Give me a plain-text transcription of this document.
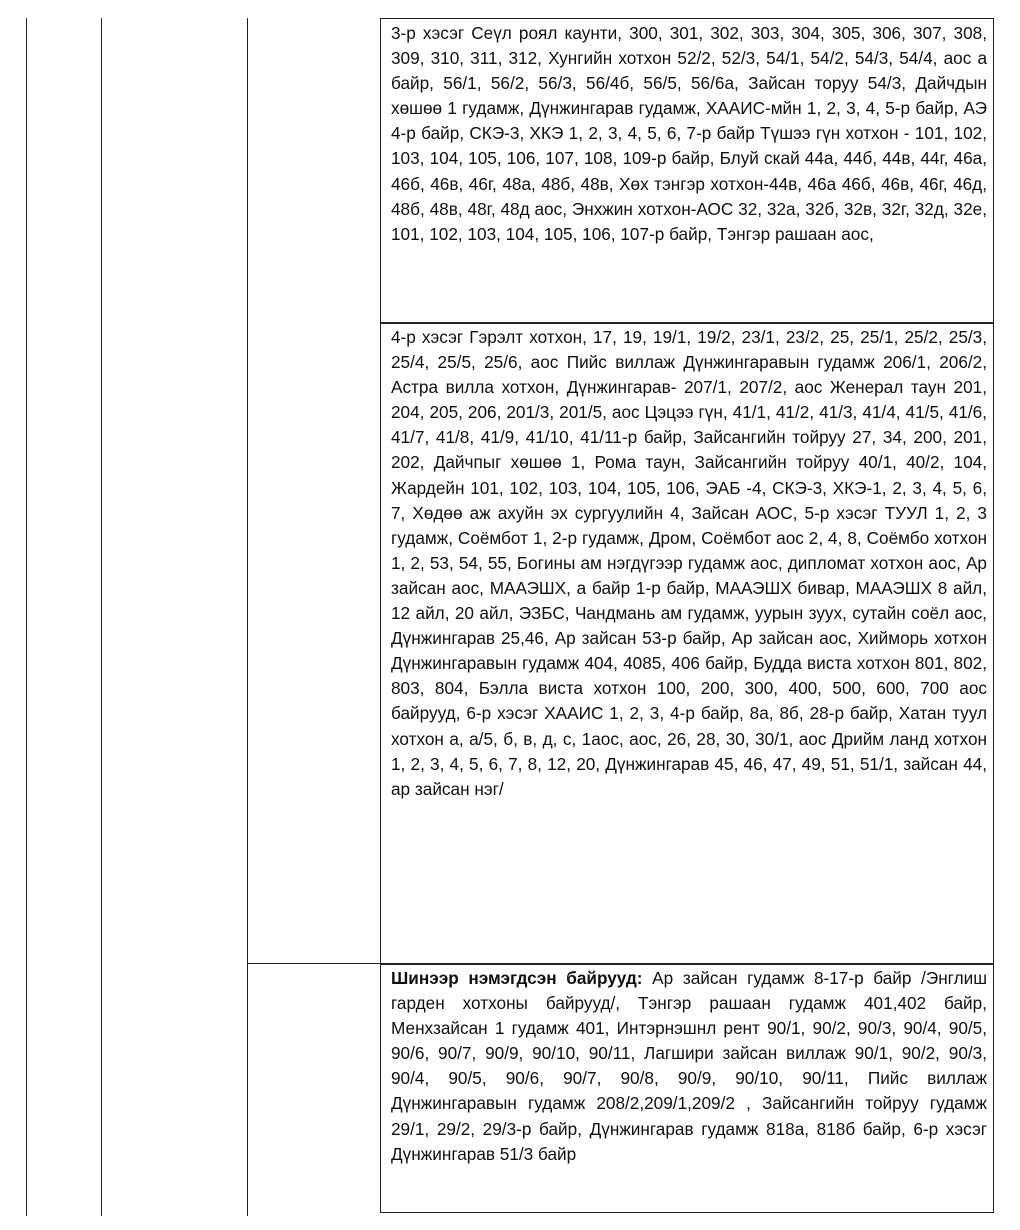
3-р хэсэг Сеүл роял каунти, 300, 301, 302, 303, 304, 305, 306, 307, 308, 309, 310, 311, 312, Хунгийн хотхон 52/2, 52/3, 54/1, 54/2, 54/3, 54/4, аос а байр, 56/1, 56/2, 56/3, 56/4б, 56/5, 56/6а, Зайсан торуу 54/3, Дайчдын хөшөө 1 гудамж, Дүнжингарав гудамж, ХААИС-мйн 1, 2, 3, 4, 5-р байр, АЭ 4-р байр, СКЭ-3, ХКЭ 1, 2, 3, 4, 5, 6, 7-р байр Түшээ гүн хотхон - 101, 102, 103, 104, 105, 106, 107, 108, 109-р байр, Блуй скай 44а, 44б, 44в, 44г, 46а, 46б, 46в, 46г, 48а, 48б, 48в, Хөх тэнгэр хотхон-44в, 46а 46б, 46в, 46г, 46д, 48б, 48в, 48г, 48д аос, Энхжин хотхон-АОС 32, 32а, 32б, 32в, 32г, 32д, 32е, 101, 102, 103, 104, 105, 106, 107-р байр, Тэнгэр рашаан аос,

4-р хэсэг Гэрэлт хотхон, 17, 19, 19/1, 19/2, 23/1, 23/2, 25, 25/1, 25/2, 25/3, 25/4, 25/5, 25/6, аос Пийс виллаж Дүнжингаравын гудамж 206/1, 206/2, Астра вилла хотхон, Дүнжингарав- 207/1, 207/2, аос Женерал таун 201, 204, 205, 206, 201/3, 201/5, аос Цэцээ гүн, 41/1, 41/2, 41/3, 41/4, 41/5, 41/6, 41/7, 41/8, 41/9, 41/10, 41/11-р байр, Зайсангийн тойруу 27, 34, 200, 201, 202, Дайчпыг хөшөө 1, Рома таун, Зайсангийн тойруу 40/1, 40/2, 104, Жардейн 101, 102, 103, 104, 105, 106, ЭАБ -4, СКЭ-3, ХКЭ-1, 2, 3, 4, 5, 6, 7, Хөдөө аж ахуйн эх сургуулийн 4, Зайсан АОС, 5-р хэсэг ТУУЛ 1, 2, 3 гудамж, Соёмбот 1, 2-р гудамж, Дром, Соёмбот аос 2, 4, 8, Соёмбо хотхон 1, 2, 53, 54, 55, Богины ам нэгдүгээр гудамж аос, дипломат хотхон аос, Ар зайсан аос, МААЭШХ, а байр 1-р байр, МААЭШХ бивар, МААЭШХ 8 айл, 12 айл, 20 айл, ЭЗБС, Чандмань ам гудамж, уурын зуух, сутайн соёл аос, Дүнжингарав 25,46, Ар зайсан 53-р байр, Ар зайсан аос, Хийморь хотхон Дүнжингаравын гудамж 404, 4085, 406 байр, Будда виста хотхон 801, 802, 803, 804, Бэлла виста хотхон 100, 200, 300, 400, 500, 600, 700 аос байрууд, 6-р хэсэг ХААИС 1, 2, 3, 4-р байр, 8а, 8б, 28-р байр, Хатан туул хотхон а, а/5, б, в, д, с, 1аос, аос, 26, 28, 30, 30/1, аос Дрийм ланд хотхон 1, 2, 3, 4, 5, 6, 7, 8, 12, 20, Дүнжингарав 45, 46, 47, 49, 51, 51/1, зайсан 44, ар зайсан нэг/

Шинээр нэмэгдсэн байрууд: Ар зайсан гудамж 8-17-р байр /Энглиш гарден хотхоны байрууд/, Тэнгэр рашаан гудамж 401,402 байр, Менхзайсан 1 гудамж 401, Интэрнэшнл рент 90/1, 90/2, 90/3, 90/4, 90/5, 90/6, 90/7, 90/9, 90/10, 90/11, Лагшири зайсан виллаж 90/1, 90/2, 90/3, 90/4, 90/5, 90/6, 90/7, 90/8, 90/9, 90/10, 90/11, Пийс виллаж Дүнжингаравын гудамж 208/2,209/1,209/2 , Зайсангийн тойруу гудамж 29/1, 29/2, 29/3-р байр, Дүнжингарав гудамж 818а, 818б байр, 6-р хэсэг Дүнжингарав 51/3 байр
